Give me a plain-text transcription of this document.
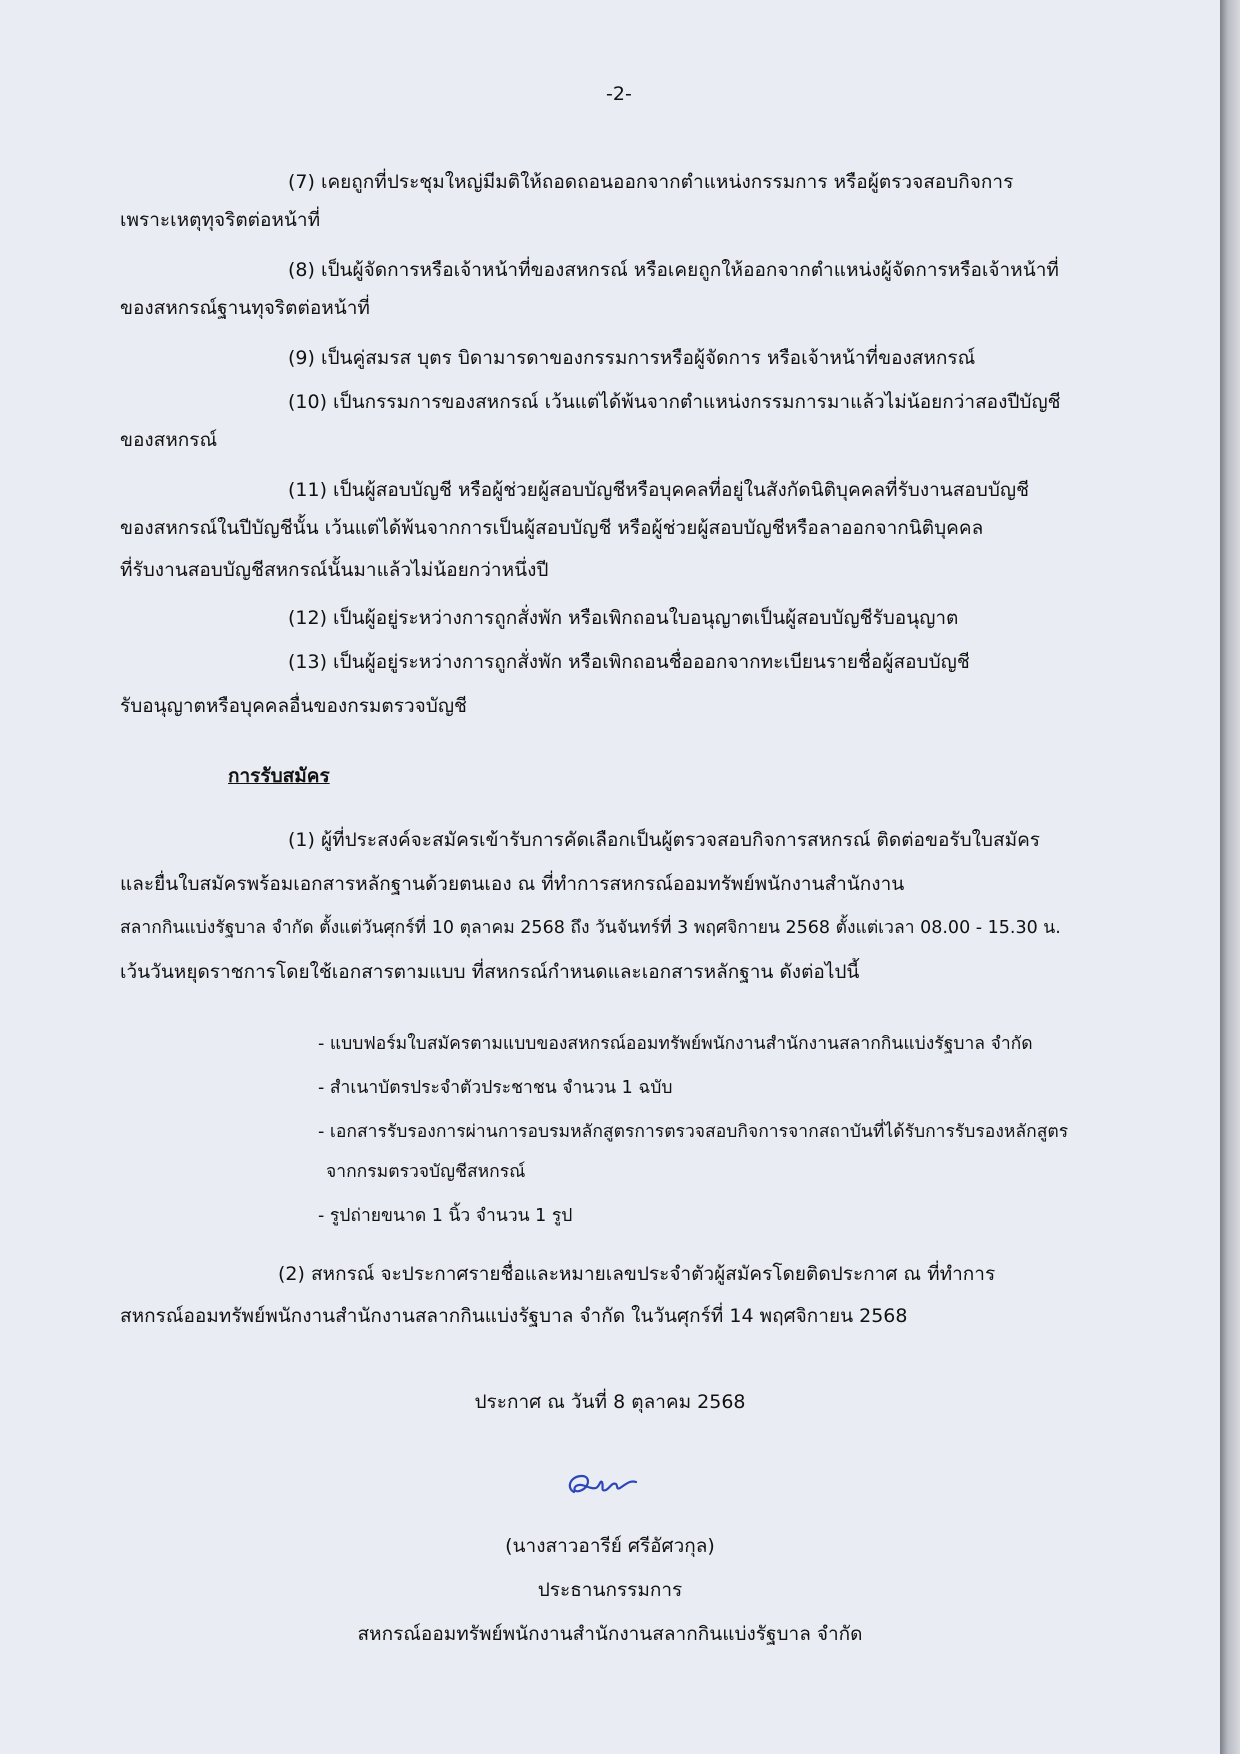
-2-
(7) เคยถูกที่ประชุมใหญ่มีมติให้ถอดถอนออกจากตำแหน่งกรรมการ หรือผู้ตรวจสอบกิจการ
เพราะเหตุทุจริตต่อหน้าที่
(8) เป็นผู้จัดการหรือเจ้าหน้าที่ของสหกรณ์ หรือเคยถูกให้ออกจากตำแหน่งผู้จัดการหรือเจ้าหน้าที่
ของสหกรณ์ฐานทุจริตต่อหน้าที่
(9) เป็นคู่สมรส บุตร บิดามารดาของกรรมการหรือผู้จัดการ หรือเจ้าหน้าที่ของสหกรณ์
(10) เป็นกรรมการของสหกรณ์ เว้นแต่ได้พ้นจากตำแหน่งกรรมการมาแล้วไม่น้อยกว่าสองปีบัญชี
ของสหกรณ์
(11) เป็นผู้สอบบัญชี หรือผู้ช่วยผู้สอบบัญชีหรือบุคคลที่อยู่ในสังกัดนิติบุคคลที่รับงานสอบบัญชี
ของสหกรณ์ในปีบัญชีนั้น เว้นแต่ได้พ้นจากการเป็นผู้สอบบัญชี หรือผู้ช่วยผู้สอบบัญชีหรือลาออกจากนิติบุคคล
ที่รับงานสอบบัญชีสหกรณ์นั้นมาแล้วไม่น้อยกว่าหนึ่งปี
(12) เป็นผู้อยู่ระหว่างการถูกสั่งพัก หรือเพิกถอนใบอนุญาตเป็นผู้สอบบัญชีรับอนุญาต
(13) เป็นผู้อยู่ระหว่างการถูกสั่งพัก หรือเพิกถอนชื่อออกจากทะเบียนรายชื่อผู้สอบบัญชี
รับอนุญาตหรือบุคคลอื่นของกรมตรวจบัญชี
การรับสมัคร
(1) ผู้ที่ประสงค์จะสมัครเข้ารับการคัดเลือกเป็นผู้ตรวจสอบกิจการสหกรณ์ ติดต่อขอรับใบสมัคร
และยื่นใบสมัครพร้อมเอกสารหลักฐานด้วยตนเอง ณ ที่ทำการสหกรณ์ออมทรัพย์พนักงานสำนักงาน
สลากกินแบ่งรัฐบาล จำกัด ตั้งแต่วันศุกร์ที่ 10 ตุลาคม 2568 ถึง วันจันทร์ที่ 3 พฤศจิกายน 2568 ตั้งแต่เวลา 08.00 - 15.30 น.
เว้นวันหยุดราชการโดยใช้เอกสารตามแบบ ที่สหกรณ์กำหนดและเอกสารหลักฐาน ดังต่อไปนี้
- แบบฟอร์มใบสมัครตามแบบของสหกรณ์ออมทรัพย์พนักงานสำนักงานสลากกินแบ่งรัฐบาล จำกัด
- สำเนาบัตรประจำตัวประชาชน จำนวน 1 ฉบับ
- เอกสารรับรองการผ่านการอบรมหลักสูตรการตรวจสอบกิจการจากสถาบันที่ได้รับการรับรองหลักสูตร
จากกรมตรวจบัญชีสหกรณ์
- รูปถ่ายขนาด 1 นิ้ว จำนวน 1 รูป
(2) สหกรณ์ จะประกาศรายชื่อและหมายเลขประจำตัวผู้สมัครโดยติดประกาศ ณ ที่ทำการ
สหกรณ์ออมทรัพย์พนักงานสำนักงานสลากกินแบ่งรัฐบาล จำกัด ในวันศุกร์ที่ 14 พฤศจิกายน 2568
ประกาศ ณ วันที่ 8 ตุลาคม 2568
(นางสาวอารีย์ ศรีอัศวกุล)
ประธานกรรมการ
สหกรณ์ออมทรัพย์พนักงานสำนักงานสลากกินแบ่งรัฐบาล จำกัด
